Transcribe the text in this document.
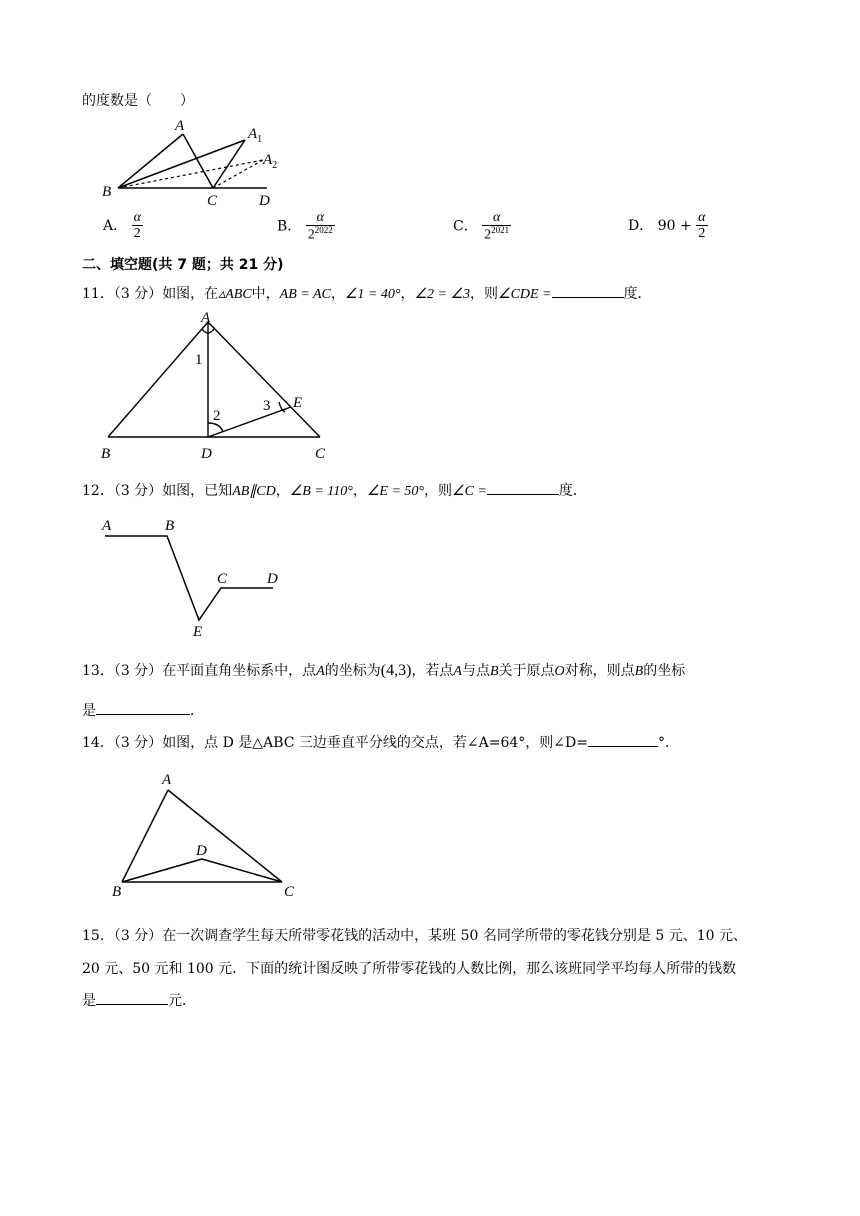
的度数是（　　）
A	$A_1$
$A_2$
B
C	D
A． $\frac{\alpha}{2}$	B． $\frac{\alpha}{2^{2022}}$	C． $\frac{\alpha}{2^{2021}}$	D． $90 + \frac{\alpha}{2}$
二、填空题(共 7 题；共 21 分)
11．（3 分）如图，在▵ABC中，AB = AC，∠1 = 40°，∠2 = ∠3，则∠CDE =	度．
A
B	D	C
E
1
2
3
12．（3 分）如图，已知AB∥CD，∠B = 110°，∠E = 50°，则∠C =	度．
A	B
E
C	D
13．（3 分）在平面直角坐标系中，点A的坐标为(4,3)，若点A与点B关于原点O对称，则点B的坐标
是	．
14．（3 分）如图，点 D 是△ABC 三边垂直平分线的交点，若∠A=64°，则∠D=	°．
A
B	C
D
15．（3 分）在一次调查学生每天所带零花钱的活动中，某班 50 名同学所带的零花钱分别是 5 元、10 元、
20 元、50 元和 100 元．下面的统计图反映了所带零花钱的人数比例，那么该班同学平均每人所带的钱数
是	元．
